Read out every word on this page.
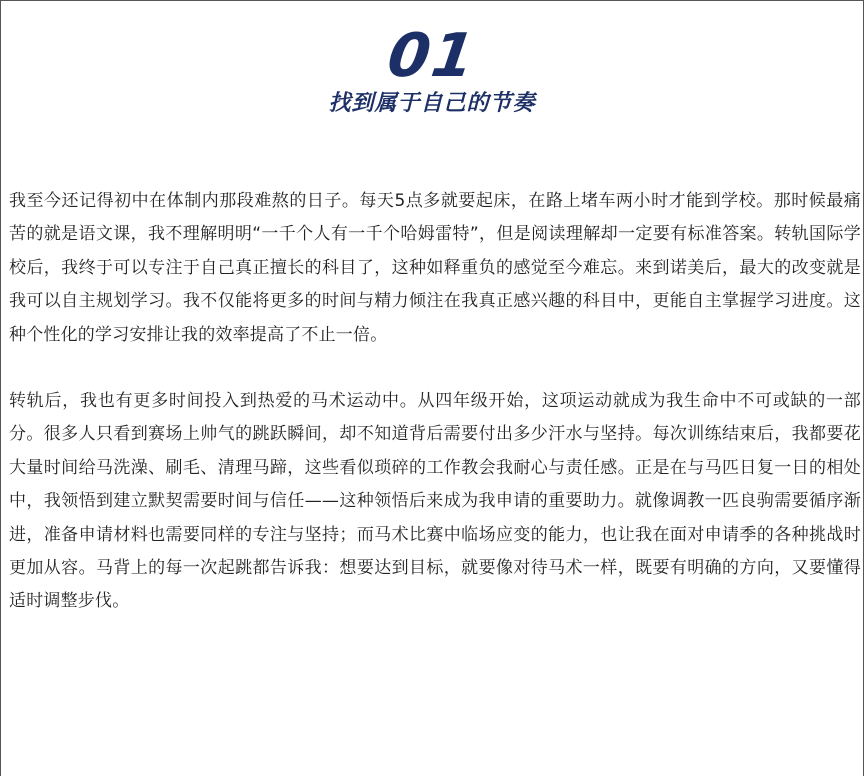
01
找到属于自己的节奏

我至今还记得初中在体制内那段难熬的日子。每天5点多就要起床，在路上堵车两小时才能到学校。那时候最痛苦的就是语文课，我不理解明明“一千个人有一千个哈姆雷特”，但是阅读理解却一定要有标准答案。转轨国际学校后，我终于可以专注于自己真正擅长的科目了，这种如释重负的感觉至今难忘。来到诺美后，最大的改变就是我可以自主规划学习。我不仅能将更多的时间与精力倾注在我真正感兴趣的科目中，更能自主掌握学习进度。这种个性化的学习安排让我的效率提高了不止一倍。

转轨后，我也有更多时间投入到热爱的马术运动中。从四年级开始，这项运动就成为我生命中不可或缺的一部分。很多人只看到赛场上帅气的跳跃瞬间，却不知道背后需要付出多少汗水与坚持。每次训练结束后，我都要花大量时间给马洗澡、刷毛、清理马蹄，这些看似琐碎的工作教会我耐心与责任感。正是在与马匹日复一日的相处中，我领悟到建立默契需要时间与信任——这种领悟后来成为我申请的重要助力。就像调教一匹良驹需要循序渐进，准备申请材料也需要同样的专注与坚持；而马术比赛中临场应变的能力，也让我在面对申请季的各种挑战时更加从容。马背上的每一次起跳都告诉我：想要达到目标，就要像对待马术一样，既要有明确的方向，又要懂得适时调整步伐。
